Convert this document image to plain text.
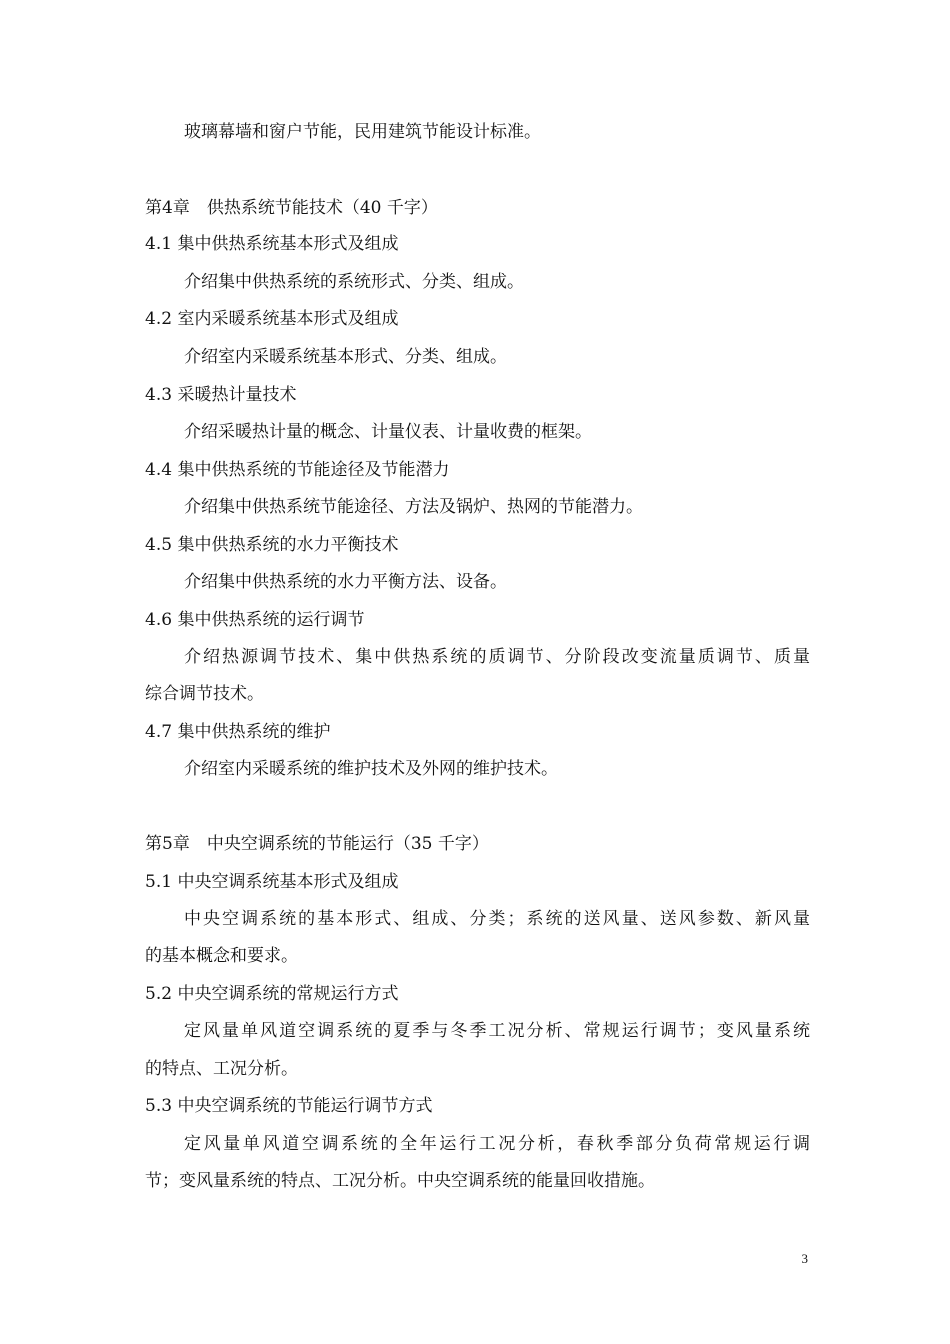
玻璃幕墙和窗户节能，民用建筑节能设计标准。
第4章　供热系统节能技术（40 千字）
4.1 集中供热系统基本形式及组成
介绍集中供热系统的系统形式、分类、组成。
4.2 室内采暖系统基本形式及组成
介绍室内采暖系统基本形式、分类、组成。
4.3 采暖热计量技术
介绍采暖热计量的概念、计量仪表、计量收费的框架。
4.4 集中供热系统的节能途径及节能潜力
介绍集中供热系统节能途径、方法及锅炉、热网的节能潜力。
4.5 集中供热系统的水力平衡技术
介绍集中供热系统的水力平衡方法、设备。
4.6 集中供热系统的运行调节
介绍热源调节技术、集中供热系统的质调节、分阶段改变流量质调节、质量
综合调节技术。
4.7 集中供热系统的维护
介绍室内采暖系统的维护技术及外网的维护技术。
第5章　中央空调系统的节能运行（35 千字）
5.1 中央空调系统基本形式及组成
中央空调系统的基本形式、组成、分类；系统的送风量、送风参数、新风量
的基本概念和要求。
5.2 中央空调系统的常规运行方式
定风量单风道空调系统的夏季与冬季工况分析、常规运行调节；变风量系统
的特点、工况分析。
5.3 中央空调系统的节能运行调节方式
定风量单风道空调系统的全年运行工况分析，春秋季部分负荷常规运行调
节；变风量系统的特点、工况分析。中央空调系统的能量回收措施。
3
